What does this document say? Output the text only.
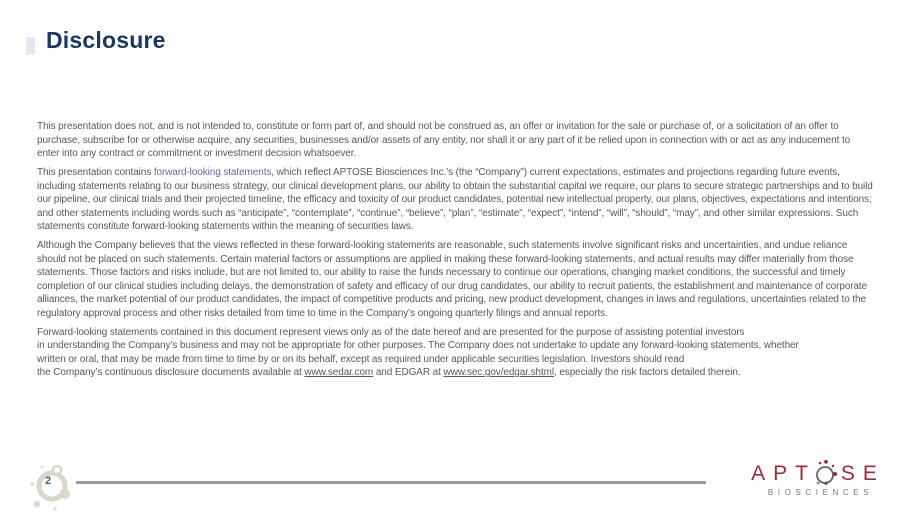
Disclosure

This presentation does not, and is not intended to, constitute or form part of, and should not be construed as, an offer or invitation for the sale or purchase of, or a solicitation of an offer to purchase, subscribe for or otherwise acquire, any securities, businesses and/or assets of any entity, nor shall it or any part of it be relied upon in connection with or act as any inducement to enter into any contract or commitment or investment decision whatsoever.

This presentation contains forward-looking statements, which reflect APTOSE Biosciences Inc.’s (the “Company”) current expectations, estimates and projections regarding future events, including statements relating to our business strategy, our clinical development plans, our ability to obtain the substantial capital we require, our plans to secure strategic partnerships and to build our pipeline, our clinical trials and their projected timeline, the efficacy and toxicity of our product candidates, potential new intellectual property, our plans, objectives, expectations and intentions; and other statements including words such as “anticipate”, “contemplate”, “continue”, “believe”, “plan”, “estimate”, “expect”, “intend”, “will”, “should”, “may”, and other similar expressions. Such statements constitute forward-looking statements within the meaning of securities laws.

Although the Company believes that the views reflected in these forward-looking statements are reasonable, such statements involve significant risks and uncertainties, and undue reliance should not be placed on such statements. Certain material factors or assumptions are applied in making these forward-looking statements, and actual results may differ materially from those statements. Those factors and risks include, but are not limited to, our ability to raise the funds necessary to continue our operations, changing market conditions, the successful and timely completion of our clinical studies including delays, the demonstration of safety and efficacy of our drug candidates, our ability to recruit patients, the establishment and maintenance of corporate alliances, the market potential of our product candidates, the impact of competitive products and pricing, new product development, changes in laws and regulations, uncertainties related to the regulatory approval process and other risks detailed from time to time in the Company’s ongoing quarterly filings and annual reports.

Forward-looking statements contained in this document represent views only as of the date hereof and are presented for the purpose of assisting potential investors
in understanding the Company’s business and may not be appropriate for other purposes. The Company does not undertake to update any forward-looking statements, whether
written or oral, that may be made from time to time by or on its behalf, except as required under applicable securities legislation. Investors should read
the Company’s continuous disclosure documents available at www.sedar.com and EDGAR at www.sec.gov/edgar.shtml, especially the risk factors detailed therein.

2	APT SE
BIOSCIENCES
